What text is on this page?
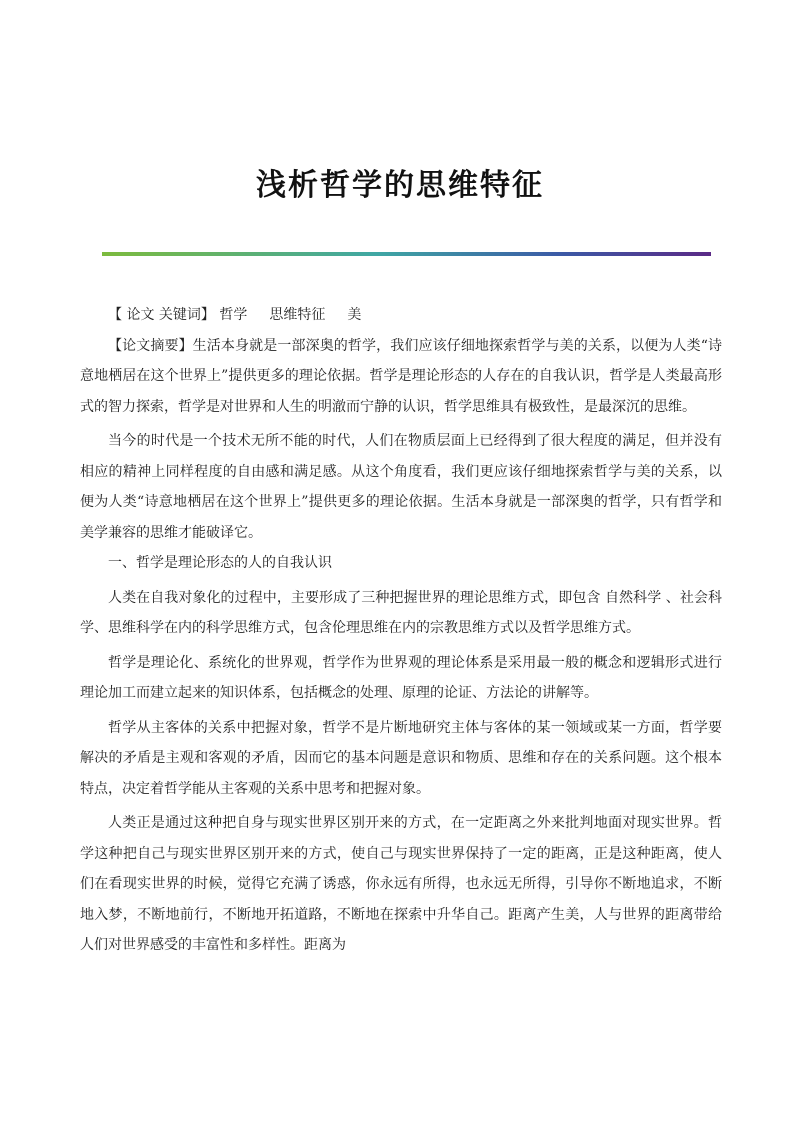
浅析哲学的思维特征

【 论文 关键词】 哲学 思维特征 美

【论文摘要】生活本身就是一部深奥的哲学，我们应该仔细地探索哲学与美的关系，以便为人类“诗意地栖居在这个世界上”提供更多的理论依据。哲学是理论形态的人存在的自我认识，哲学是人类最高形式的智力探索，哲学是对世界和人生的明澈而宁静的认识，哲学思维具有极致性，是最深沉的思维。

当今的时代是一个技术无所不能的时代，人们在物质层面上已经得到了很大程度的满足，但并没有相应的精神上同样程度的自由感和满足感。从这个角度看，我们更应该仔细地探索哲学与美的关系，以便为人类“诗意地栖居在这个世界上”提供更多的理论依据。生活本身就是一部深奥的哲学，只有哲学和美学兼容的思维才能破译它。

一、哲学是理论形态的人的自我认识

人类在自我对象化的过程中，主要形成了三种把握世界的理论思维方式，即包含 自然科学 、社会科学、思维科学在内的科学思维方式，包含伦理思维在内的宗教思维方式以及哲学思维方式。

哲学是理论化、系统化的世界观，哲学作为世界观的理论体系是采用最一般的概念和逻辑形式进行理论加工而建立起来的知识体系，包括概念的处理、原理的论证、方法论的讲解等。

哲学从主客体的关系中把握对象，哲学不是片断地研究主体与客体的某一领域或某一方面，哲学要解决的矛盾是主观和客观的矛盾，因而它的基本问题是意识和物质、思维和存在的关系问题。这个根本特点，决定着哲学能从主客观的关系中思考和把握对象。

人类正是通过这种把自身与现实世界区别开来的方式，在一定距离之外来批判地面对现实世界。哲学这种把自己与现实世界区别开来的方式，使自己与现实世界保持了一定的距离，正是这种距离，使人们在看现实世界的时候，觉得它充满了诱惑，你永远有所得，也永远无所得，引导你不断地追求，不断地入梦，不断地前行，不断地开拓道路，不断地在探索中升华自己。距离产生美，人与世界的距离带给人们对世界感受的丰富性和多样性。距离为
